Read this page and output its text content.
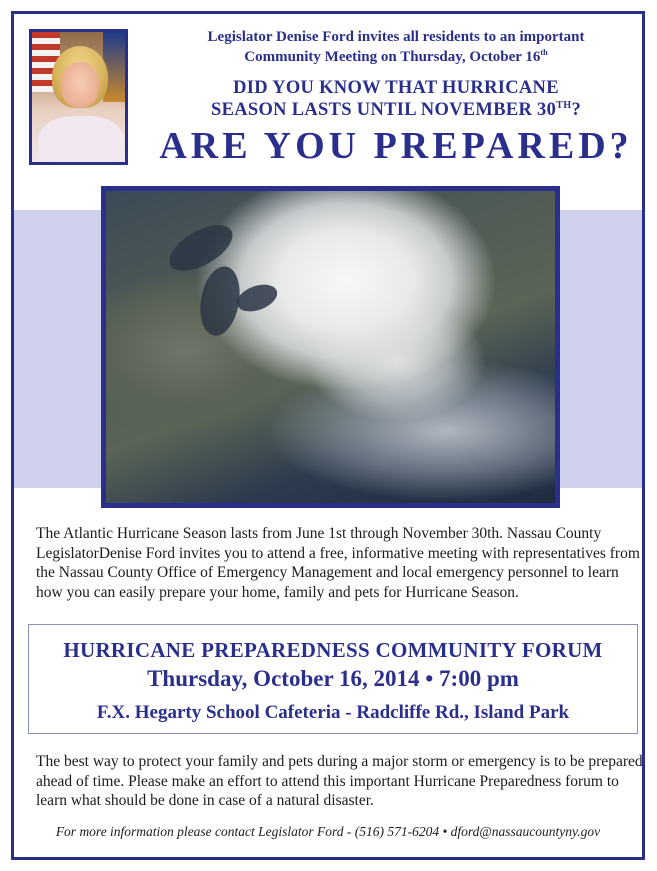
Legislator Denise Ford invites all residents to an important
Community Meeting on Thursday, October 16th
DID YOU KNOW THAT HURRICANE
SEASON LASTS UNTIL NOVEMBER 30TH?
ARE YOU PREPARED?
The Atlantic Hurricane Season lasts from June 1st through November 30th. Nassau County LegislatorDenise Ford invites you to attend a free, informative meeting with representatives from the Nassau County Office of Emergency Management and local emergency personnel to learn how you can easily prepare your home, family and pets for Hurricane Season.
HURRICANE PREPAREDNESS COMMUNITY FORUM
Thursday, October 16, 2014 • 7:00 pm
F.X. Hegarty School Cafeteria - Radcliffe Rd., Island Park
The best way to protect your family and pets during a major storm or emergency is to be prepared ahead of time. Please make an effort to attend this important Hurricane Preparedness forum to learn what should be done in case of a natural disaster.
For more information please contact Legislator Ford - (516) 571-6204 • dford@nassaucountyny.gov
